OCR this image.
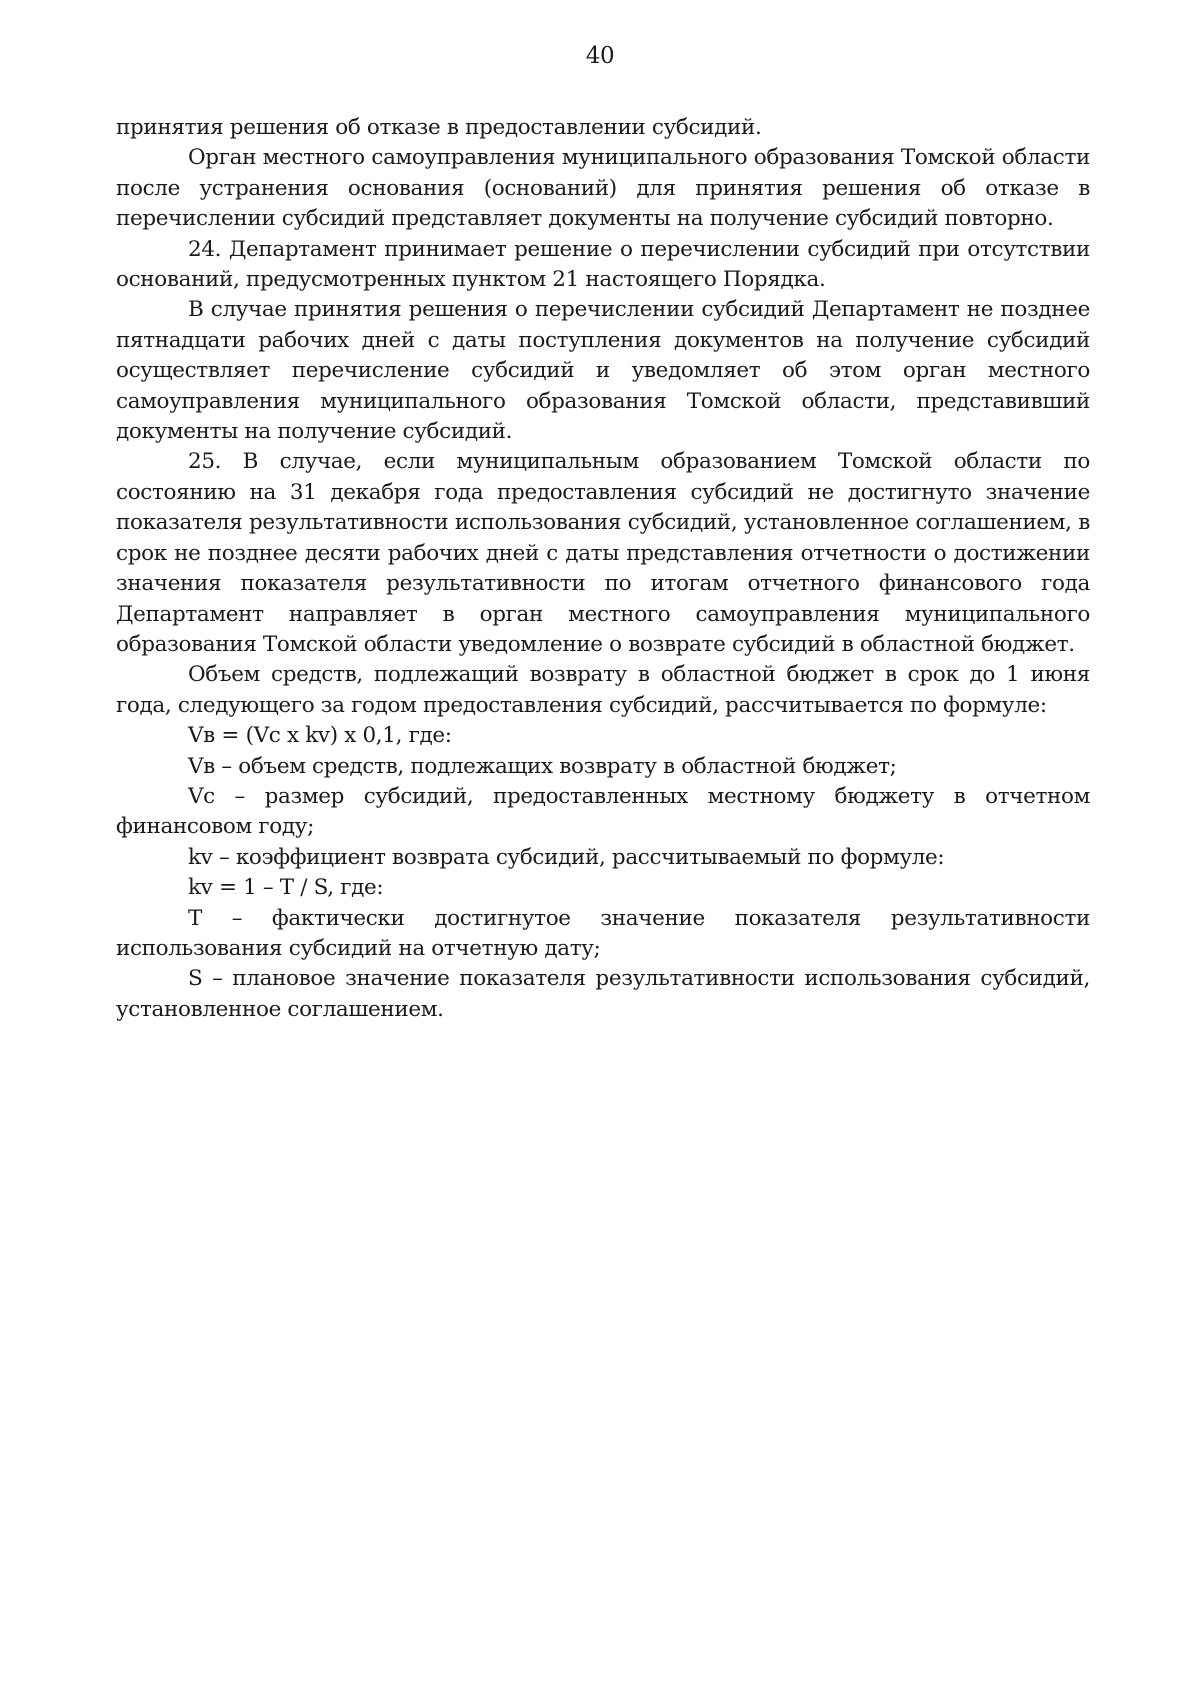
40

принятия решения об отказе в предоставлении субсидий.

Орган местного самоуправления муниципального образования Томской области после устранения основания (оснований) для принятия решения об отказе в перечислении субсидий представляет документы на получение субсидий повторно.

24. Департамент принимает решение о перечислении субсидий при отсутствии оснований, предусмотренных пунктом 21 настоящего Порядка.

В случае принятия решения о перечислении субсидий Департамент не позднее пятнадцати рабочих дней с даты поступления документов на получение субсидий осуществляет перечисление субсидий и уведомляет об этом орган местного самоуправления муниципального образования Томской области, представивший документы на получение субсидий.

25. В случае, если муниципальным образованием Томской области по состоянию на 31 декабря года предоставления субсидий не достигнуто значение показателя результативности использования субсидий, установленное соглашением, в срок не позднее десяти рабочих дней с даты представления отчетности о достижении значения показателя результативности по итогам отчетного финансового года Департамент направляет в орган местного самоуправления муниципального образования Томской области уведомление о возврате субсидий в областной бюджет.

Объем средств, подлежащий возврату в областной бюджет в срок до 1 июня года, следующего за годом предоставления субсидий, рассчитывается по формуле:

Vв = (Vc x kv) x 0,1, где:

Vв – объем средств, подлежащих возврату в областной бюджет;

Vc – размер субсидий, предоставленных местному бюджету в отчетном финансовом году;

kv – коэффициент возврата субсидий, рассчитываемый по формуле:

kv = 1 – T / S, где:

T – фактически достигнутое значение показателя результативности использования субсидий на отчетную дату;

S – плановое значение показателя результативности использования субсидий, установленное соглашением.
